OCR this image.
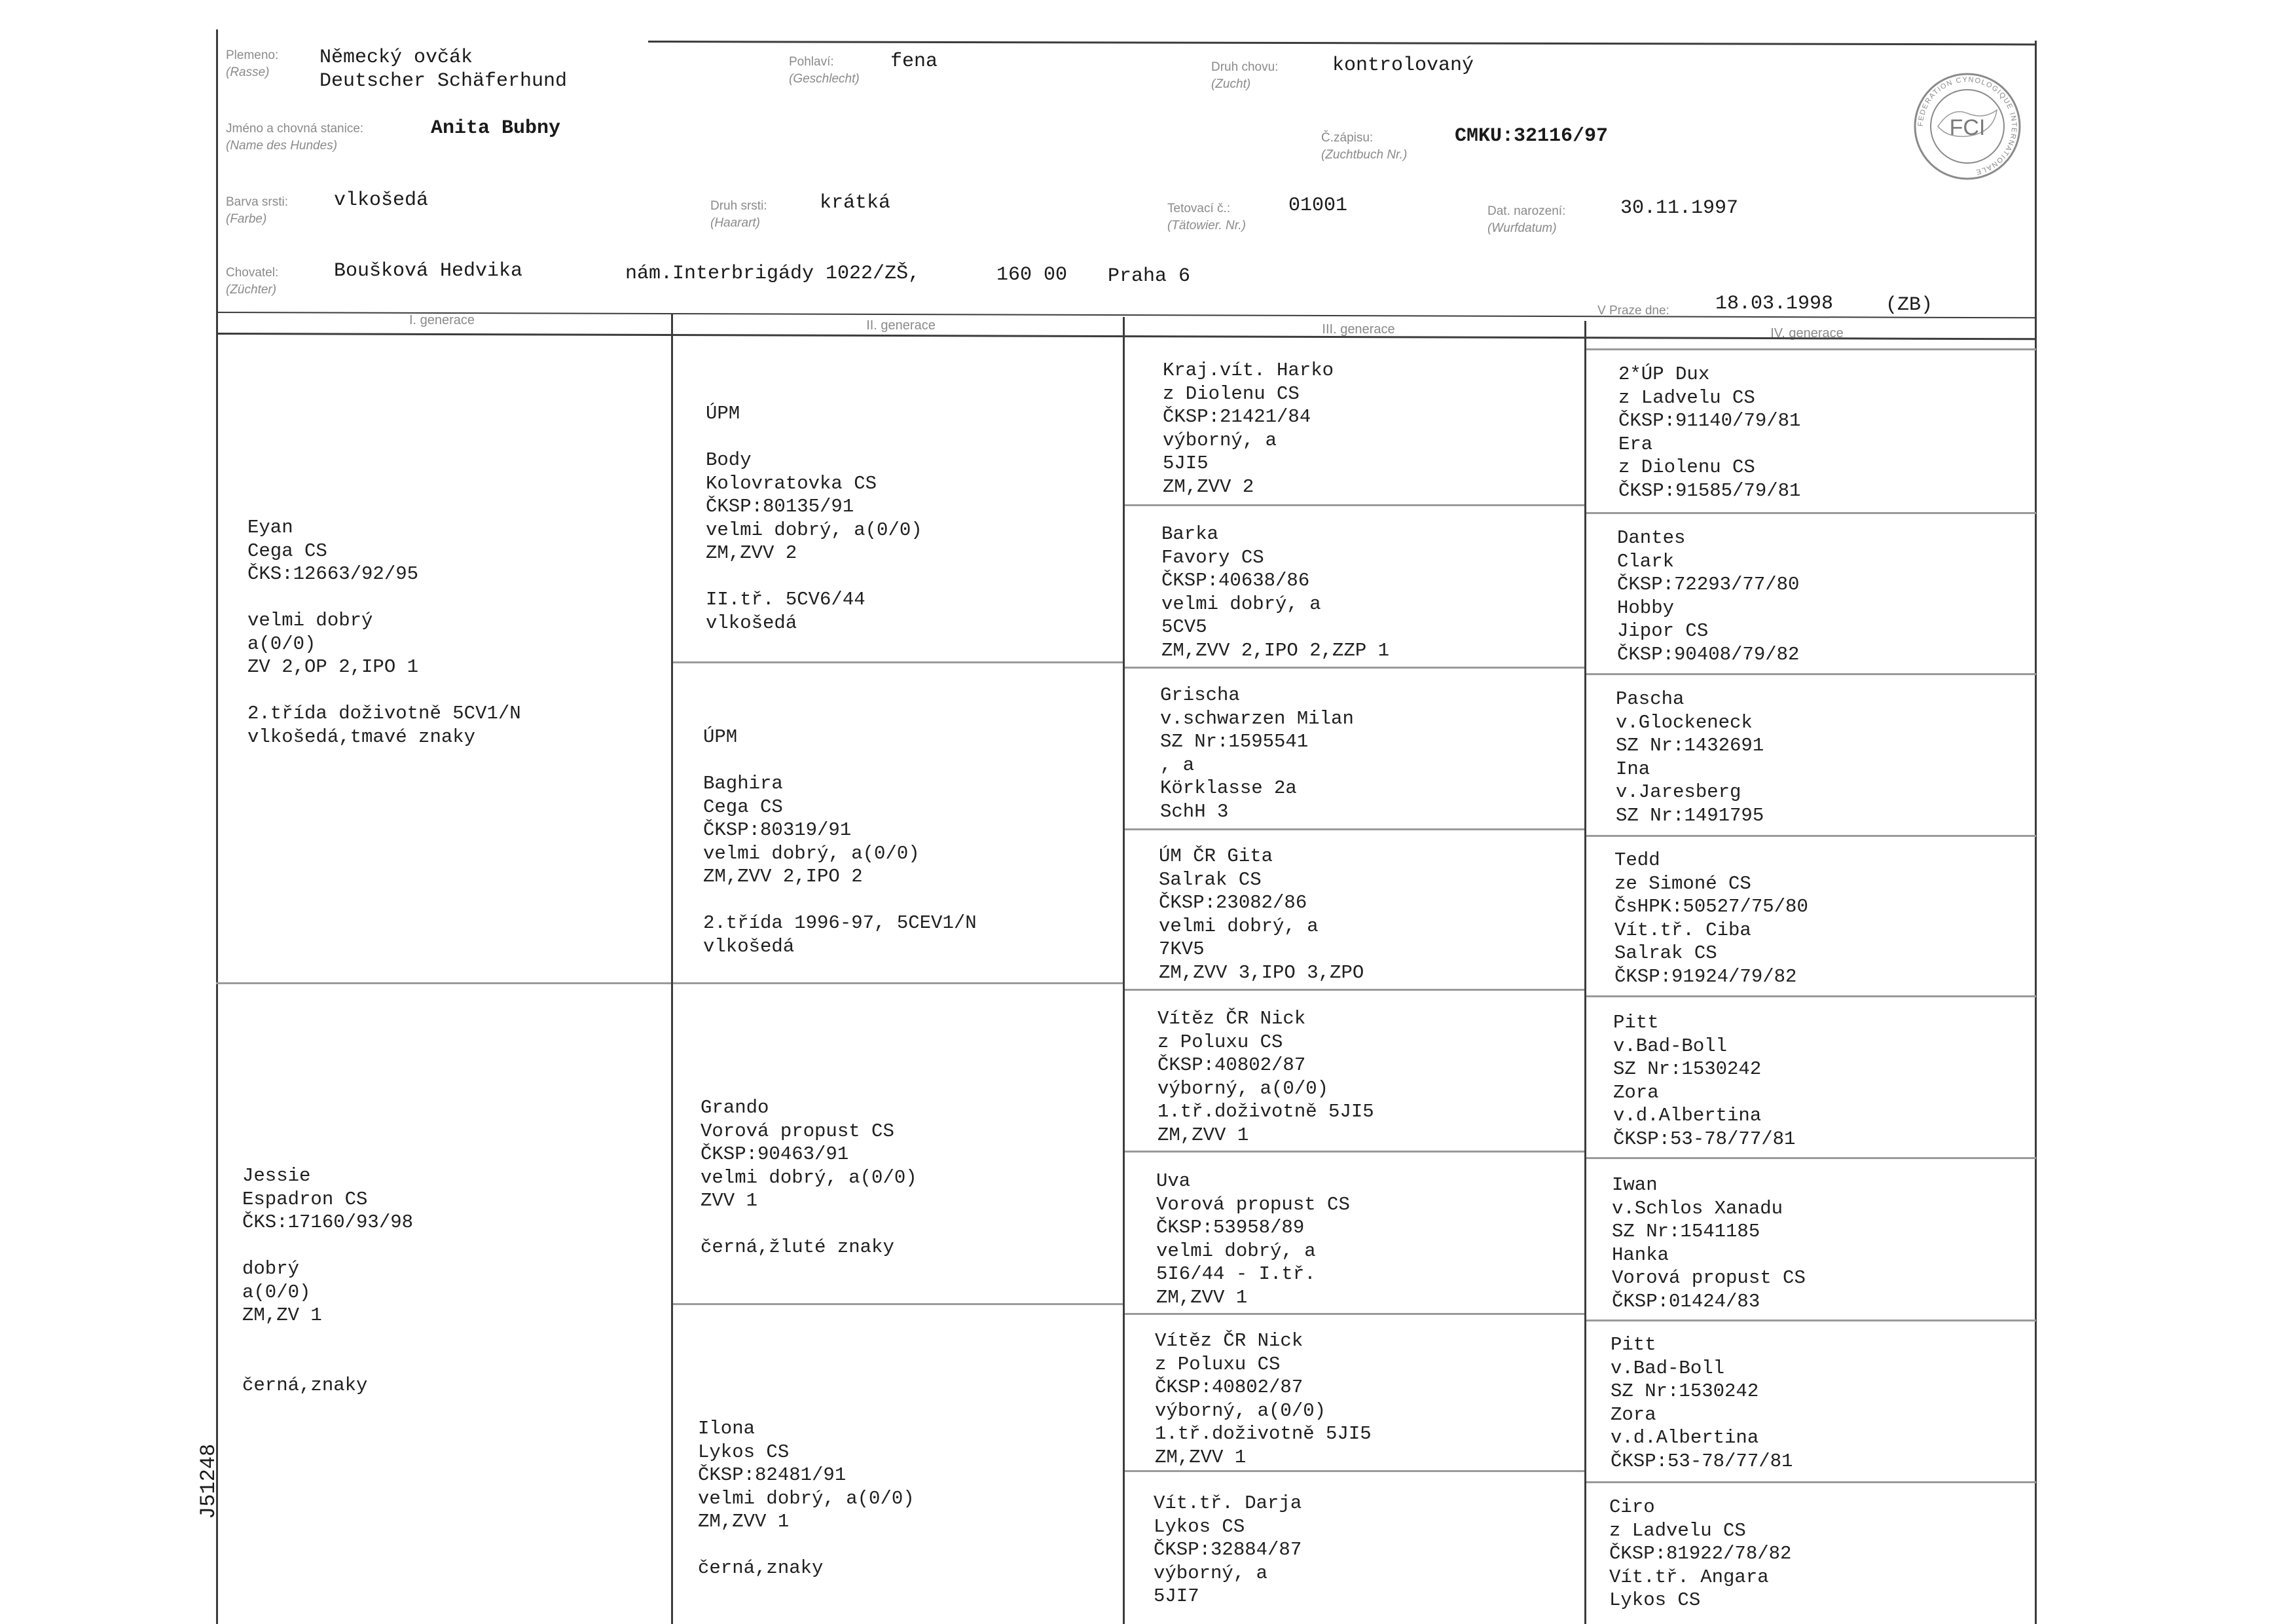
Plemeno:
(Rasse)
Německý ovčák
Deutscher Schäferhund
Pohlaví:
(Geschlecht)
fena	Druh chovu:
(Zucht)
kontrolovaný
Jméno a chovná stanice:
(Name des Hundes)
Anita Bubny	Č.zápisu:
(Zuchtbuch Nr.)
CMKU:32116/97
Barva srsti:
(Farbe)
vlkošedá	Druh srsti:
(Haarart)
krátká	Tetovací č.:
(Tätowier. Nr.)
01001	Dat. narození:
(Wurfdatum)
30.11.1997
Chovatel:
(Züchter)
Boušková Hedvika	nám.Interbrigády 1022/ZŠ,	160 00 Praha 6
V Praze dne: 18.03.1998	(ZB)
FEDERATION CYNOLOGIQUE INTERNATIONALE
FCI
I. generace	II. generace	III. generace	IV. generace
Eyan
Cega CS
ČKS:12663/92/95
velmi dobrý
a(0/0)
ZV 2,OP 2,IPO 1
2.třída doživotně 5CV1/N
vlkošedá,tmavé znaky
Jessie
Espadron CS
ČKS:17160/93/98
dobrý
a(0/0)
ZM,ZV 1
černá,znaky
ÚPM
Body
Kolovratovka CS
ČKSP:80135/91
velmi dobrý, a(0/0)
ZM,ZVV 2
II.tř. 5CV6/44
vlkošedá
ÚPM
Baghira
Cega CS
ČKSP:80319/91
velmi dobrý, a(0/0)
ZM,ZVV 2,IPO 2
2.třída 1996-97, 5CEV1/N
vlkošedá
Grando
Vorová propust CS
ČKSP:90463/91
velmi dobrý, a(0/0)
ZVV 1
černá,žluté znaky
Ilona
Lykos CS
ČKSP:82481/91
velmi dobrý, a(0/0)
ZM,ZVV 1
černá,znaky
Kraj.vít. Harko
z Diolenu CS
ČKSP:21421/84
výborný, a
5JI5
ZM,ZVV 2
Barka
Favory CS
ČKSP:40638/86
velmi dobrý, a
5CV5
ZM,ZVV 2,IPO 2,ZZP 1
Grischa
v.schwarzen Milan
SZ Nr:1595541
, a
Körklasse 2a
SchH 3
ÚM ČR Gita
Salrak CS
ČKSP:23082/86
velmi dobrý, a
7KV5
ZM,ZVV 3,IPO 3,ZPO
Vítěz ČR Nick
z Poluxu CS
ČKSP:40802/87
výborný, a(0/0)
1.tř.doživotně 5JI5
ZM,ZVV 1
Uva
Vorová propust CS
ČKSP:53958/89
velmi dobrý, a
5I6/44 - I.tř.
ZM,ZVV 1
Vítěz ČR Nick
z Poluxu CS
ČKSP:40802/87
výborný, a(0/0)
1.tř.doživotně 5JI5
ZM,ZVV 1
Vít.tř. Darja
Lykos CS
ČKSP:32884/87
výborný, a
5JI7
2*ÚP Dux
z Ladvelu CS
ČKSP:91140/79/81
Era
z Diolenu CS
ČKSP:91585/79/81
Dantes
Clark
ČKSP:72293/77/80
Hobby
Jipor CS
ČKSP:90408/79/82
Pascha
v.Glockeneck
SZ Nr:1432691
Ina
v.Jaresberg
SZ Nr:1491795
Tedd
ze Simoné CS
ČsHPK:50527/75/80
Vít.tř. Ciba
Salrak CS
ČKSP:91924/79/82
Pitt
v.Bad-Boll
SZ Nr:1530242
Zora
v.d.Albertina
ČKSP:53-78/77/81
Iwan
v.Schlos Xanadu
SZ Nr:1541185
Hanka
Vorová propust CS
ČKSP:01424/83
Pitt
v.Bad-Boll
SZ Nr:1530242
Zora
v.d.Albertina
ČKSP:53-78/77/81
Ciro
z Ladvelu CS
ČKSP:81922/78/82
Vít.tř. Angara
Lykos CS
J51248
